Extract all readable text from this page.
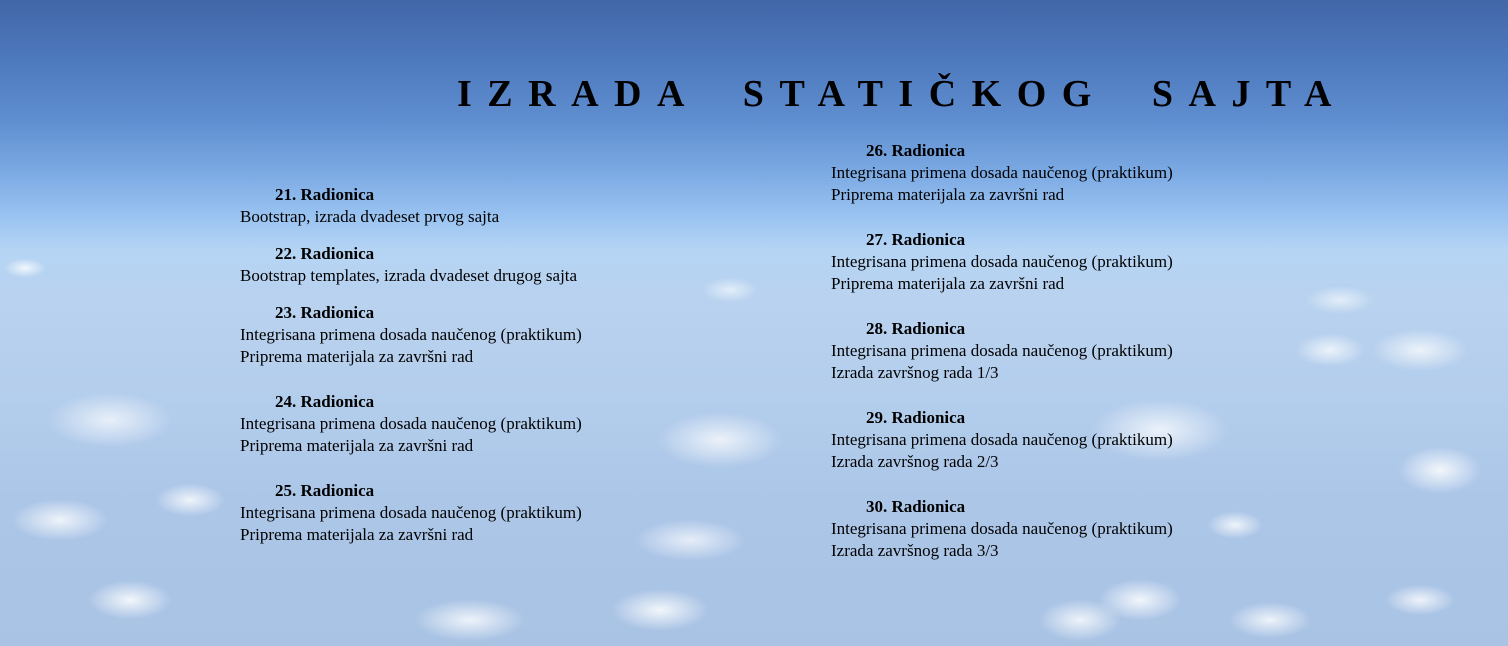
IZRADA STATIČKOG SAJTA
21. Radionica
Bootstrap, izrada dvadeset prvog sajta
22. Radionica
Bootstrap templates, izrada dvadeset drugog sajta
23. Radionica
Integrisana primena dosada naučenog (praktikum)
Priprema materijala za završni rad
24. Radionica
Integrisana primena dosada naučenog (praktikum)
Priprema materijala za završni rad
25. Radionica
Integrisana primena dosada naučenog (praktikum)
Priprema materijala za završni rad
26. Radionica
Integrisana primena dosada naučenog (praktikum)
Priprema materijala za završni rad
27. Radionica
Integrisana primena dosada naučenog (praktikum)
Priprema materijala za završni rad
28. Radionica
Integrisana primena dosada naučenog (praktikum)
Izrada završnog rada 1/3
29. Radionica
Integrisana primena dosada naučenog (praktikum)
Izrada završnog rada 2/3
30. Radionica
Integrisana primena dosada naučenog (praktikum)
Izrada završnog rada 3/3
